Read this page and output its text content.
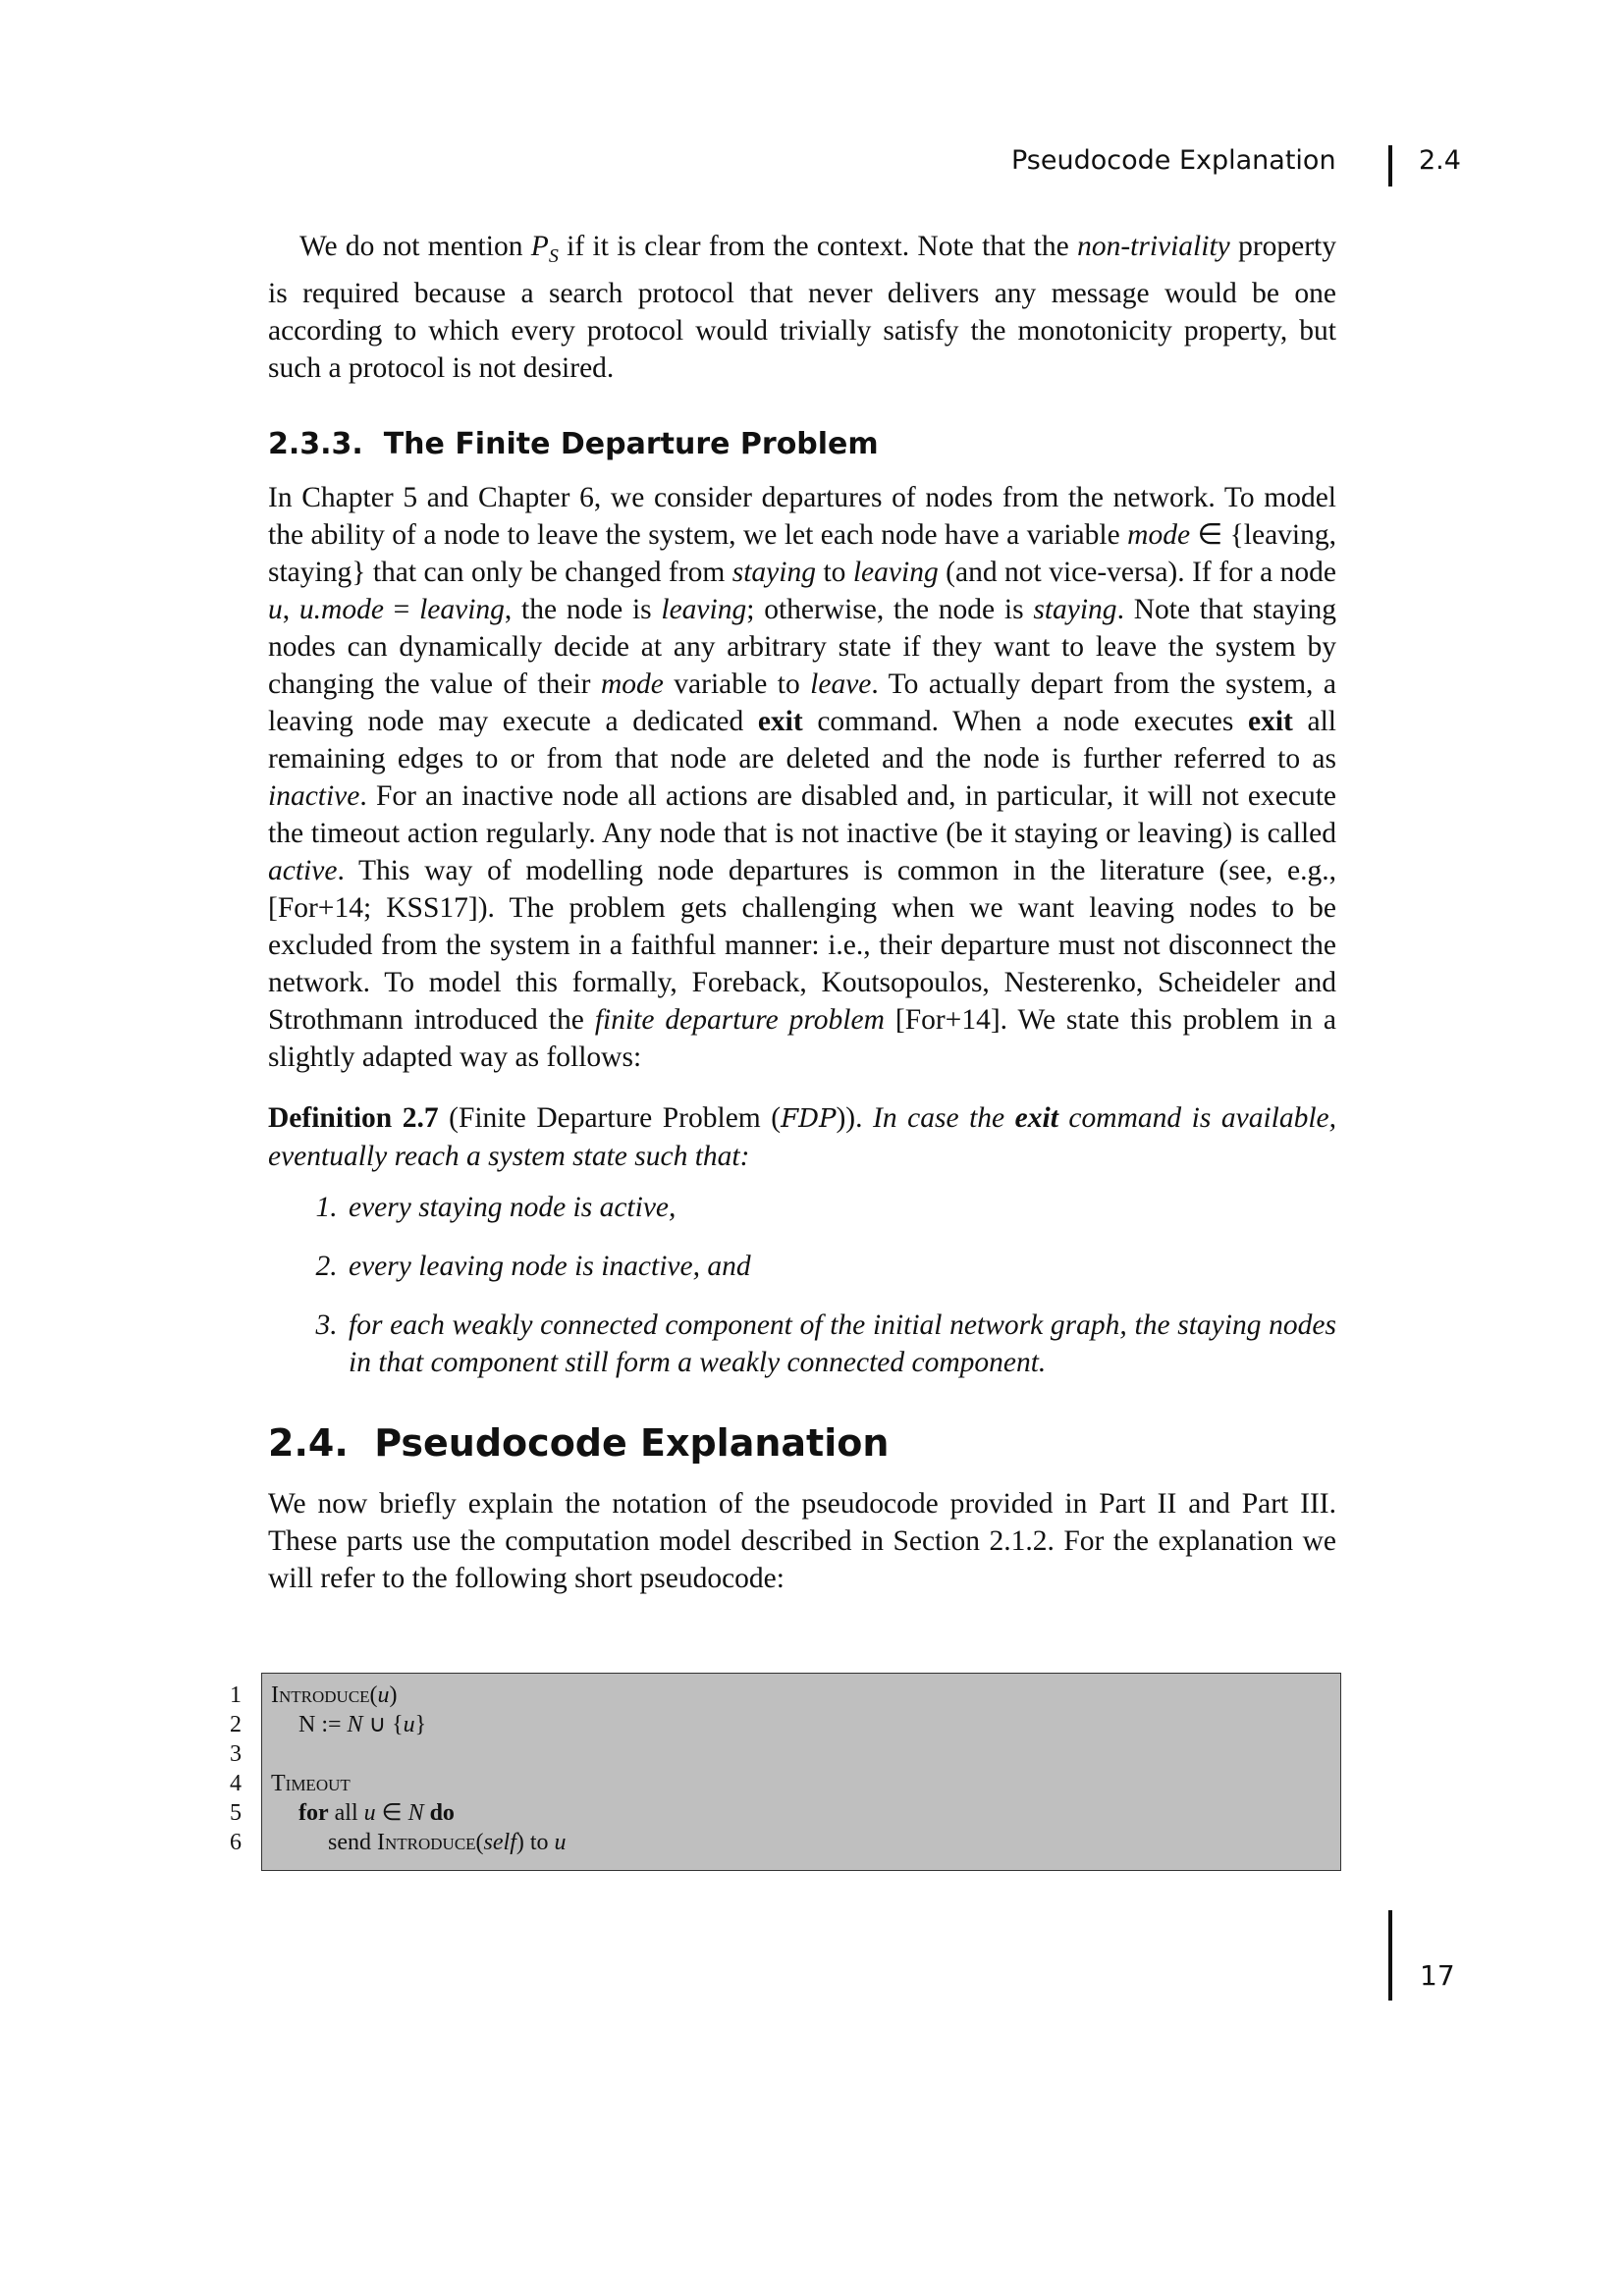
Pseudocode Explanation	2.4

We do not mention $P_S$ if it is clear from the context. Note that the non-triviality property is required because a search protocol that never delivers any message would be one according to which every protocol would trivially satisfy the monotonicity property, but such a protocol is not desired.

2.3.3. The Finite Departure Problem

In Chapter 5 and Chapter 6, we consider departures of nodes from the network. To model the ability of a node to leave the system, we let each node have a variable mode ∈ {leaving, staying} that can only be changed from staying to leaving (and not vice-versa). If for a node u, u.mode = leaving, the node is leaving; otherwise, the node is staying. Note that staying nodes can dynamically decide at any arbitrary state if they want to leave the system by changing the value of their mode variable to leave. To actually depart from the system, a leaving node may execute a dedicated exit command. When a node executes exit all remaining edges to or from that node are deleted and the node is further referred to as inactive. For an inactive node all actions are disabled and, in particular, it will not execute the timeout action regularly. Any node that is not inactive (be it staying or leaving) is called active. This way of modelling node departures is common in the literature (see, e.g., [For+14; KSS17]). The problem gets challenging when we want leaving nodes to be excluded from the system in a faithful manner: i.e., their departure must not disconnect the network. To model this formally, Foreback, Koutsopoulos, Nesterenko, Scheideler and Strothmann introduced the finite departure problem [For+14]. We state this problem in a slightly adapted way as follows:

Definition 2.7 (Finite Departure Problem (FDP)). In case the exit command is available, eventually reach a system state such that:

1. every staying node is active,
2. every leaving node is inactive, and
3. for each weakly connected component of the initial network graph, the staying nodes in that component still form a weakly connected component.
2.4. Pseudocode Explanation

We now briefly explain the notation of the pseudocode provided in Part II and Part III. These parts use the computation model described in Section 2.1.2. For the explanation we will refer to the following short pseudocode:

1 Introduce(u)
2 N := N ∪ {u}
3
4 Timeout
5 for all u ∈ N do
6	send Introduce(self) to u
17
